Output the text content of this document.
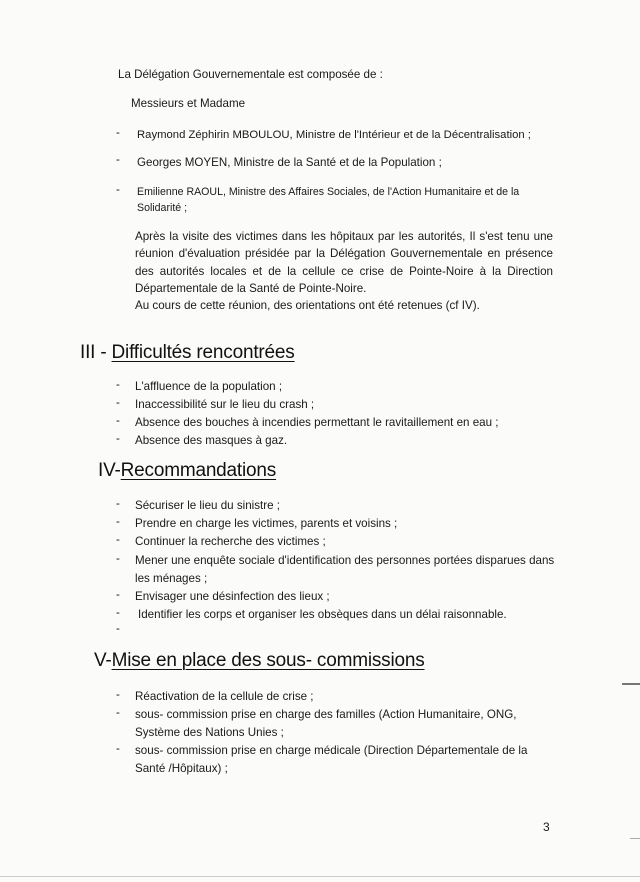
La Délégation Gouvernementale est composée de :
Messieurs et Madame
- Raymond Zéphirin MBOULOU, Ministre de l'Intérieur et de la Décentralisation ;
- Georges MOYEN, Ministre de la Santé et de la Population ;
- Emilienne RAOUL, Ministre des Affaires Sociales, de l'Action Humanitaire et de la
Solidarité ;
Après la visite des victimes dans les hôpitaux par les autorités, Il s'est tenu une
réunion d'évaluation présidée par la Délégation Gouvernementale en présence
des autorités locales et de la cellule ce crise de Pointe-Noire à la Direction
Départementale de la Santé de Pointe-Noire.
Au cours de cette réunion, des orientations ont été retenues (cf IV).
III - Difficultés rencontrées
- L'affluence de la population ;
- Inaccessibilité sur le lieu du crash ;
- Absence des bouches à incendies permettant le ravitaillement en eau ;
- Absence des masques à gaz.
IV-Recommandations
- Sécuriser le lieu du sinistre ;
- Prendre en charge les victimes, parents et voisins ;
- Continuer la recherche des victimes ;
- Mener une enquête sociale d'identification des personnes portées disparues dans
les ménages ;
- Envisager une désinfection des lieux ;
- Identifier les corps et organiser les obsèques dans un délai raisonnable.
-
V-Mise en place des sous- commissions
- Réactivation de la cellule de crise ;
- sous- commission prise en charge des familles (Action Humanitaire, ONG,
Système des Nations Unies ;
- sous- commission prise en charge médicale (Direction Départementale de la
Santé /Hôpitaux) ;
3
